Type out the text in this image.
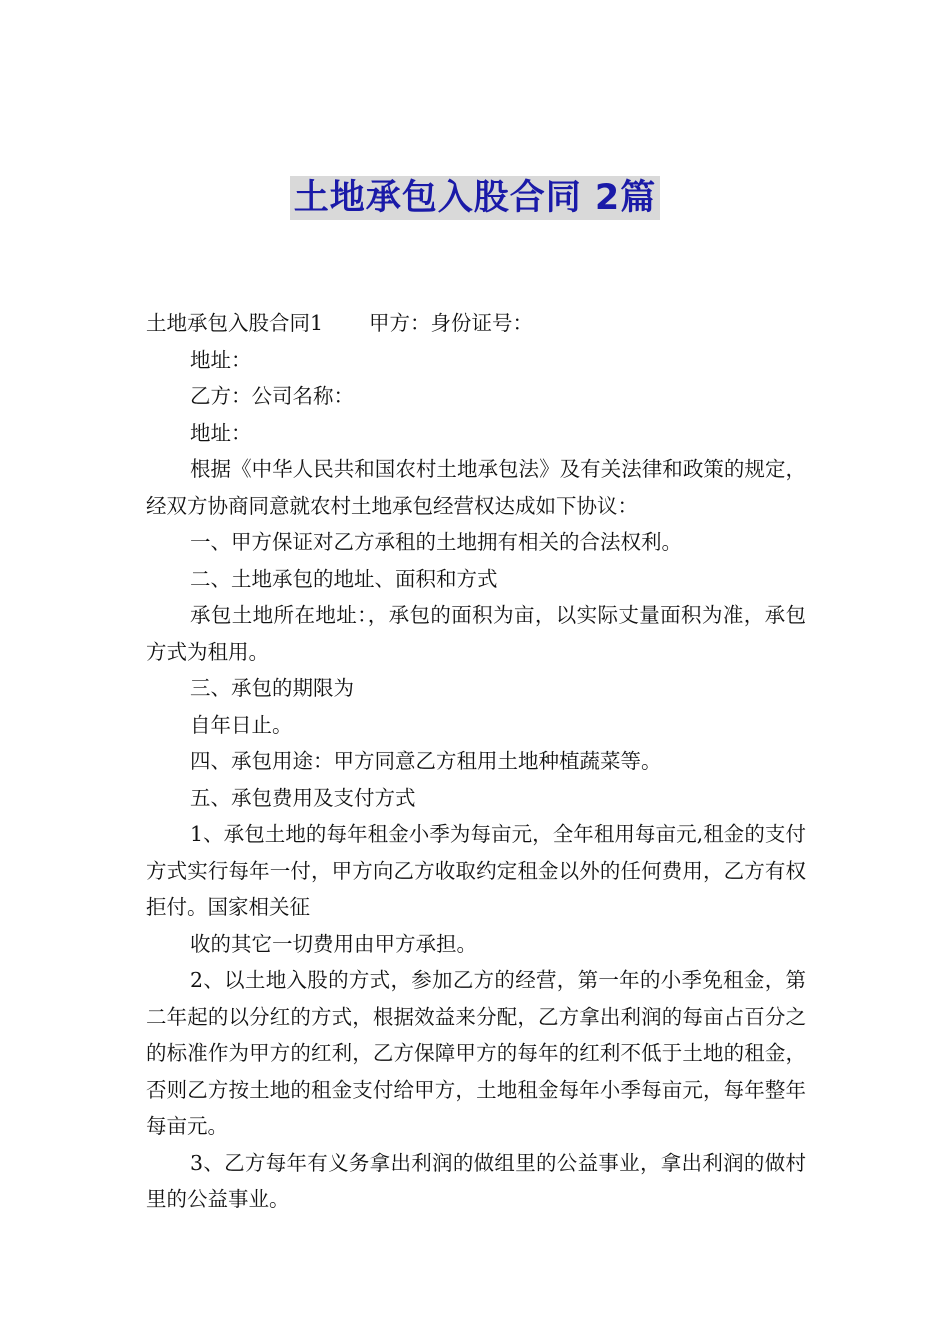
土地承包入股合同 2篇

土地承包入股合同1 甲方：身份证号：

地址：

乙方：公司名称：

地址：

根据《中华人民共和国农村土地承包法》及有关法律和政策的规定，经双方协商同意就农村土地承包经营权达成如下协议：

一、甲方保证对乙方承租的土地拥有相关的合法权利。

二、土地承包的地址、面积和方式

承包土地所在地址：，承包的面积为亩，以实际丈量面积为准，承包方式为租用。

三、承包的期限为

自年日止。

四、承包用途：甲方同意乙方租用土地种植蔬菜等。

五、承包费用及支付方式

1、承包土地的每年租金小季为每亩元，全年租用每亩元,租金的支付方式实行每年一付，甲方向乙方收取约定租金以外的任何费用，乙方有权拒付。国家相关征

收的其它一切费用由甲方承担。

2、以土地入股的方式，参加乙方的经营，第一年的小季免租金，第二年起的以分红的方式，根据效益来分配，乙方拿出利润的每亩占百分之的标准作为甲方的红利，乙方保障甲方的每年的红利不低于土地的租金，否则乙方按土地的租金支付给甲方，土地租金每年小季每亩元，每年整年每亩元。

3、乙方每年有义务拿出利润的做组里的公益事业，拿出利润的做村里的公益事业。
